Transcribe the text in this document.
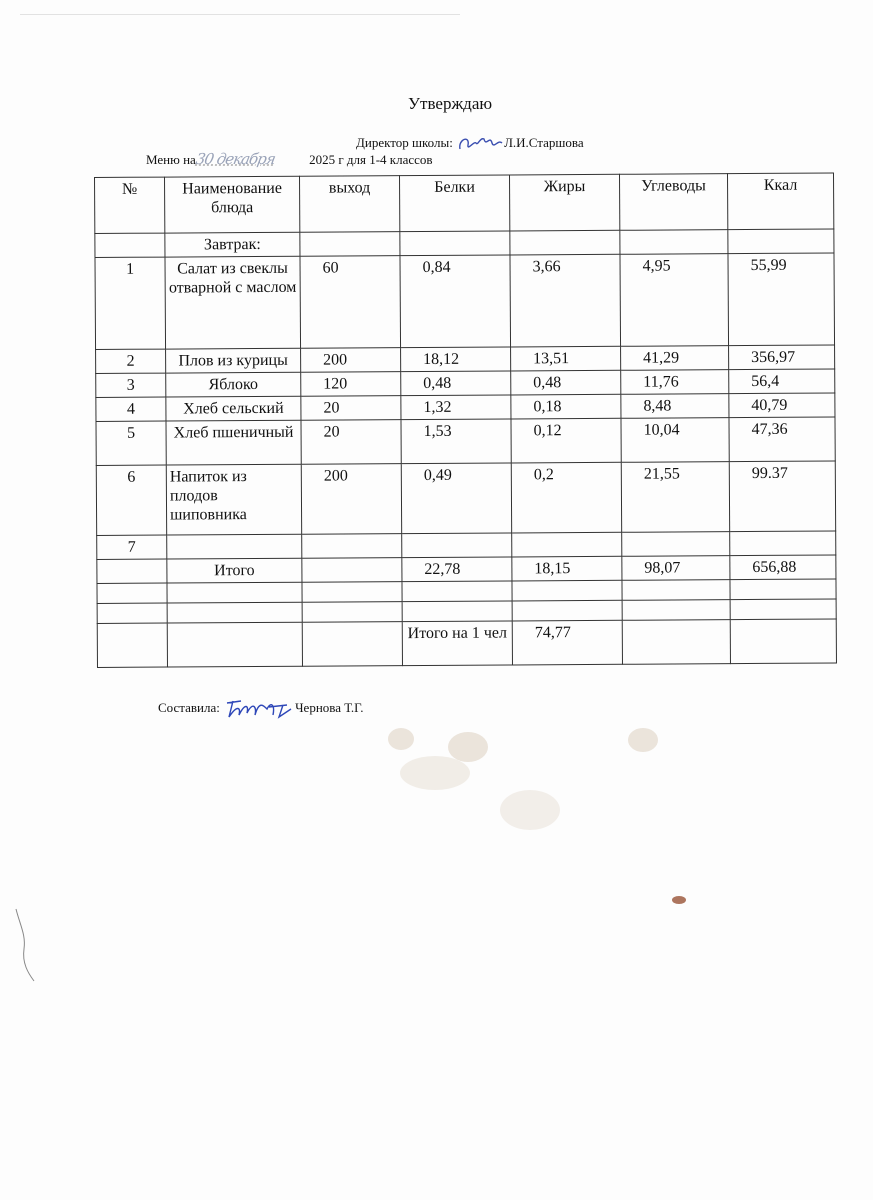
Утверждаю
Директор школы:	Л.И.Старшова
Меню на30 декабря	2025 г для 1-4 классов
№	Наименование блюда	выход	Белки	Жиры	Углеводы	Ккал
	Завтрак:					
1	Салат из свеклы отварной с маслом	60	0,84	3,66	4,95	55,99
2	Плов из курицы	200	18,12	13,51	41,29	356,97
3	Яблоко	120	0,48	0,48	11,76	56,4
4	Хлеб сельский	20	1,32	0,18	8,48	40,79
5	Хлеб пшеничный	20	1,53	0,12	10,04	47,36
6	Напиток из плодов шиповника	200	0,49	0,2	21,55	99.37
7						
	Итого		22,78	18,15	98,07	656,88

			Итого на 1 чел	74,77		
Составила:	Чернова Т.Г.
